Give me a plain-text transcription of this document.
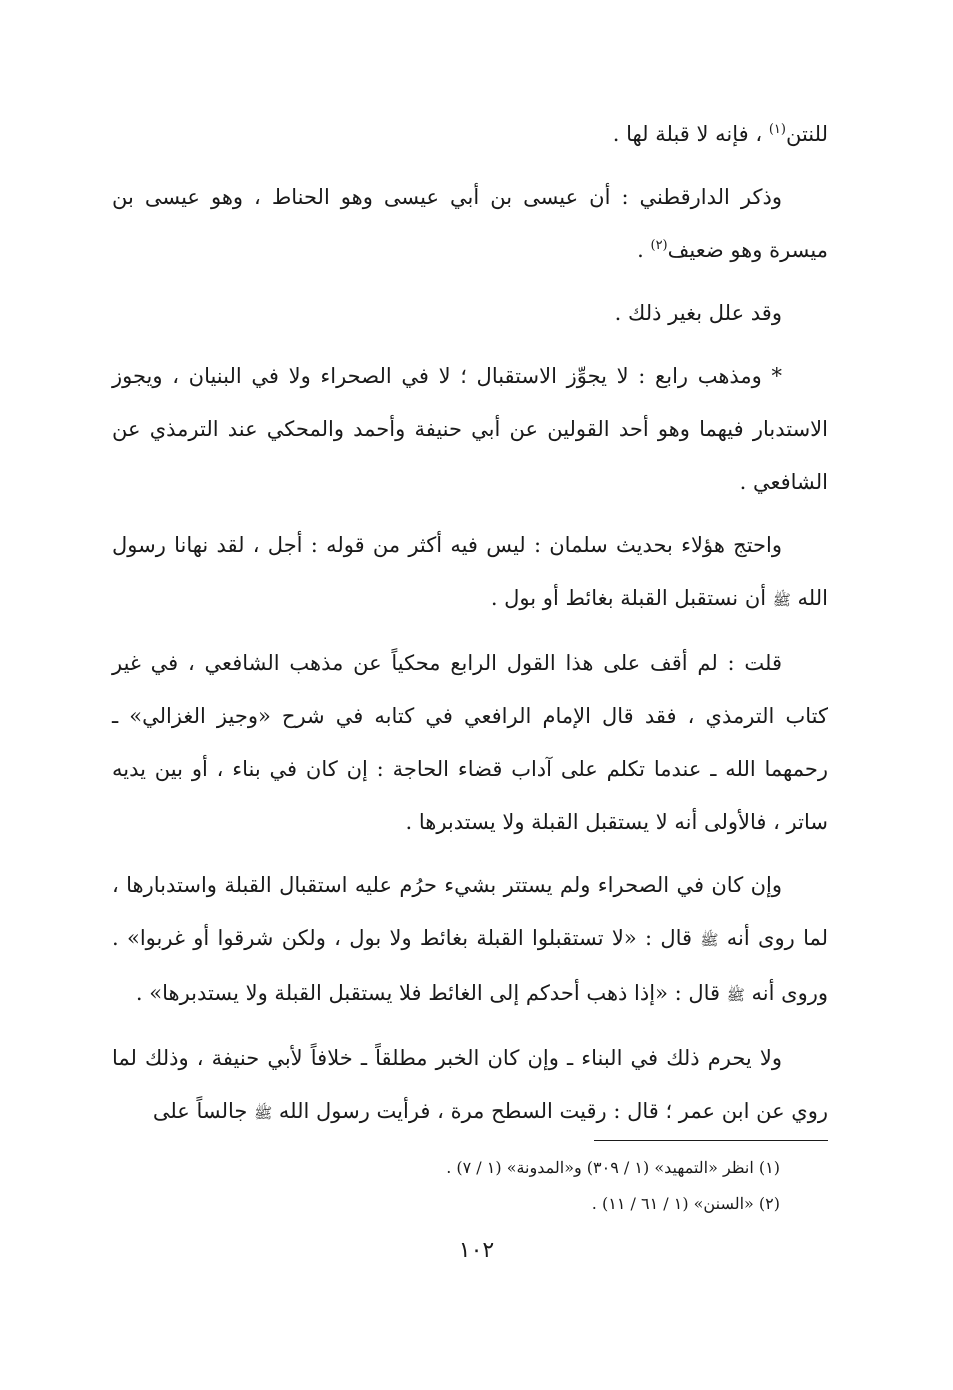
للنتن$^{(١)}$ ، فإنه لا قبلة لها .

وذكر الدارقطني : أن عيسى بن أبي عيسى وهو الحناط ، وهو عيسى بن ميسرة وهو ضعيف$^{(٢)}$ .

وقد علل بغير ذلك .

* ومذهب رابع : لا يجوِّز الاستقبال ؛ لا في الصحراء ولا في البنيان ، ويجوز الاستدبار فيهما وهو أحد القولين عن أبي حنيفة وأحمد والمحكي عند الترمذي عن الشافعي .

واحتج هؤلاء بحديث سلمان : ليس فيه أكثر من قوله : أجل ، لقد نهانا رسول الله ﷺ أن نستقبل القبلة بغائط أو بول .

قلت : لم أقف على هذا القول الرابع محكياً عن مذهب الشافعي ، في غير كتاب الترمذي ، فقد قال الإمام الرافعي في كتابه في شرح «وجيز الغزالي» ـ رحمهما الله ـ عندما تكلم على آداب قضاء الحاجة : إن كان في بناء ، أو بين يديه ساتر ، فالأولى أنه لا يستقبل القبلة ولا يستدبرها .

وإن كان في الصحراء ولم يستتر بشيء حرُم عليه استقبال القبلة واستدبارها ، لما روى أنه ﷺ قال : «لا تستقبلوا القبلة بغائط ولا بول ، ولكن شرقوا أو غربوا» . وروى أنه ﷺ قال : «إذا ذهب أحدكم إلى الغائط فلا يستقبل القبلة ولا يستدبرها» .

ولا يحرم ذلك في البناء ـ وإن كان الخبر مطلقاً ـ خلافاً لأبي حنيفة ، وذلك لما روي عن ابن عمر ؛ قال : رقيت السطح مرة ، فرأيت رسول الله ﷺ جالساً على

(١) انظر «التمهيد» (١ / ٣٠٩) و«المدونة» (١ / ٧) .

(٢) «السنن» (١ / ٦١ / ١١) .

١٠٢
